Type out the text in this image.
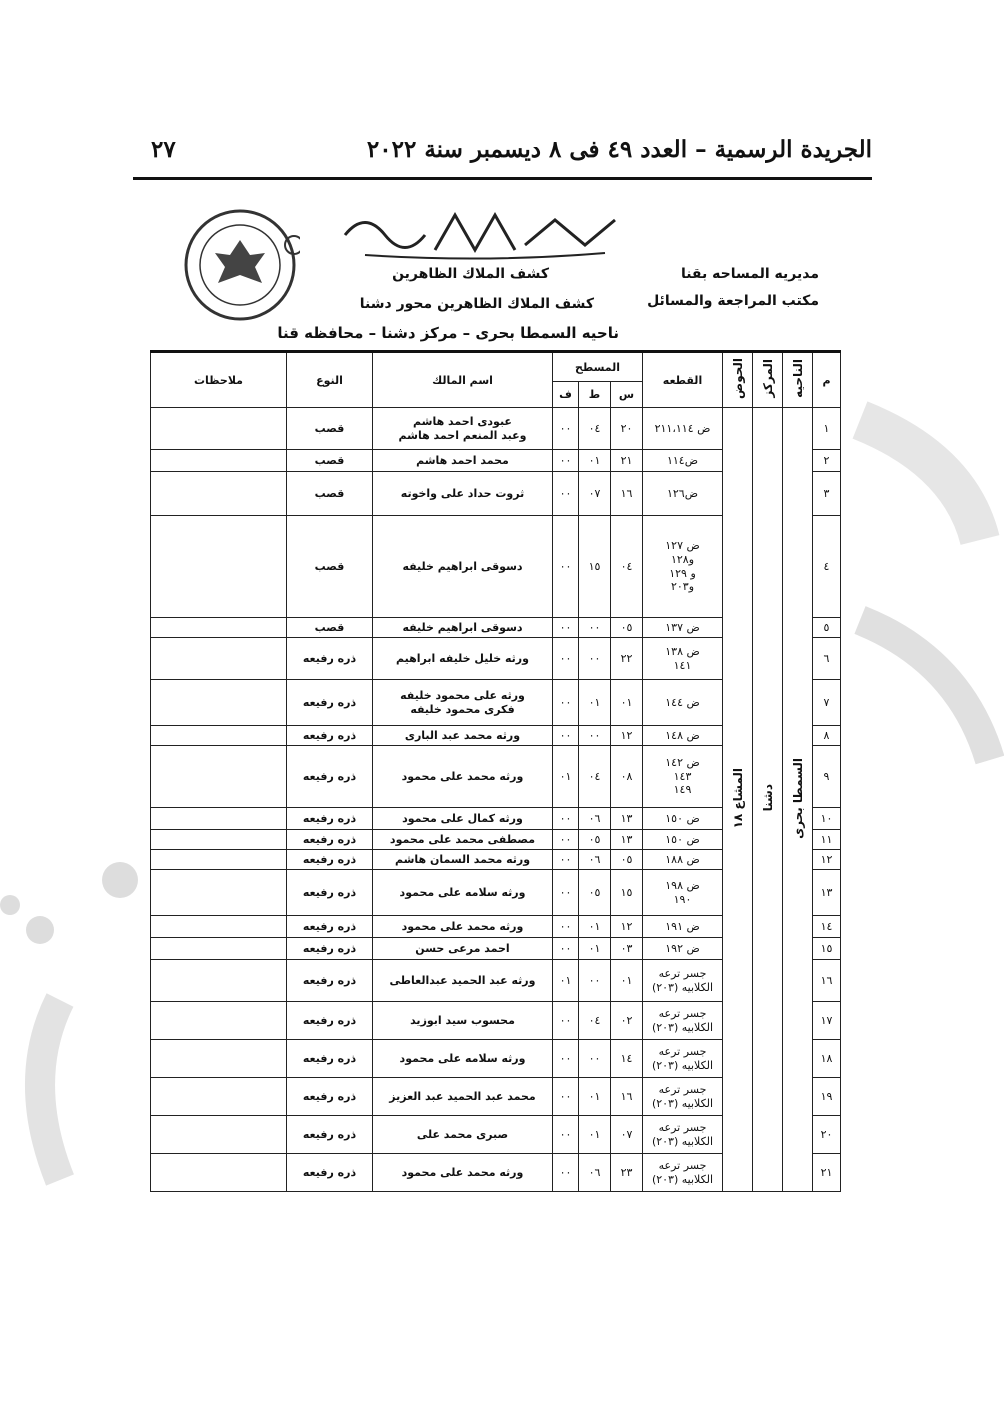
الجريدة الرسمية – العدد ٤٩ فى ٨ ديسمبر سنة ٢٠٢٢
٢٧
مديريه المساحه بقنا
مكتب المراجعة والمسائل
كشف الملاك الظاهرين
كشف الملاك الظاهرين محور دشنا
ناحيه السمطا بحرى – مركز دشنا – محافظه قنا
م	الناحيه	المركز	الحوض	القطعه	المسطح			اسم المالك	النوع	ملاحظات
					س	ط	ف			
١	السمطا بحرى	دشنا	المشاع ١٨	ض ٢١١،١١٤	٢٠	٠٤	٠٠	عبودى احمد هاشم
وعبد المنعم احمد هاشم	قصب	
٢				ض١١٤	٢١	٠١	٠٠	محمد احمد هاشم	قصب	
٣				ض١٢٦	١٦	٠٧	٠٠	ثروت حداد على واخوته	قصب	
٤				ض ١٢٧
و١٢٨
و ١٢٩
و٢٠٣	٠٤	١٥	٠٠	دسوقى ابراهيم خليفه	قصب	
٥				ض ١٣٧	٠٥	٠٠	٠٠	دسوقى ابراهيم خليفه	قصب	
٦				ض ١٣٨
١٤١	٢٢	٠٠	٠٠	ورثه خليل خليفه ابراهيم	ذره رفيعه	
٧				ض ١٤٤	٠١	٠١	٠٠	ورثه على محمود خليفه
فكرى محمود خليفه	ذره رفيعه	
٨				ض ١٤٨	١٢	٠٠	٠٠	ورثه محمد عبد البارى	ذره رفيعه	
٩				ض ١٤٢
١٤٣
١٤٩	٠٨	٠٤	٠١	ورثه محمد على محمود	ذره رفيعه	
١٠				ض ١٥٠	١٣	٠٦	٠٠	ورثه كمال على محمود	ذره رفيعه	
١١				ض ١٥٠	١٣	٠٥	٠٠	مصطفى محمد على محمود	ذره رفيعه	
١٢				ض ١٨٨	٠٥	٠٦	٠٠	ورثه محمد السمان هاشم	ذره رفيعه	
١٣				ض ١٩٨
١٩٠	١٥	٠٥	٠٠	ورثه سلامه على محمود	ذره رفيعه	
١٤				ض ١٩١	١٢	٠١	٠٠	ورثه محمد على محمود	ذره رفيعه	
١٥				ض ١٩٢	٠٣	٠١	٠٠	احمد مرعى حسن	ذره رفيعه	
١٦				جسر ترعه
الكلابيه (٢٠٣)	٠١	٠٠	٠١	ورثه عبد الحميد عبدالعاطى	ذره رفيعه	
١٧				جسر ترعه
الكلابيه (٢٠٣)	٠٢	٠٤	٠٠	محسوب سيد ابوزيد	ذره رفيعه	
١٨				جسر ترعه
الكلابيه (٢٠٣)	١٤	٠٠	٠٠	ورثه سلامه على محمود	ذره رفيعه	
١٩				جسر ترعه
الكلابيه (٢٠٣)	١٦	٠١	٠٠	محمد عبد الحميد عبد العزيز	ذره رفيعه	
٢٠				جسر ترعه
الكلابيه (٢٠٣)	٠٧	٠١	٠٠	صبرى محمد على	ذره رفيعه	
٢١				جسر ترعه
الكلابيه (٢٠٣)	٢٣	٠٦	٠٠	ورثه محمد على محمود	ذره رفيعه	
